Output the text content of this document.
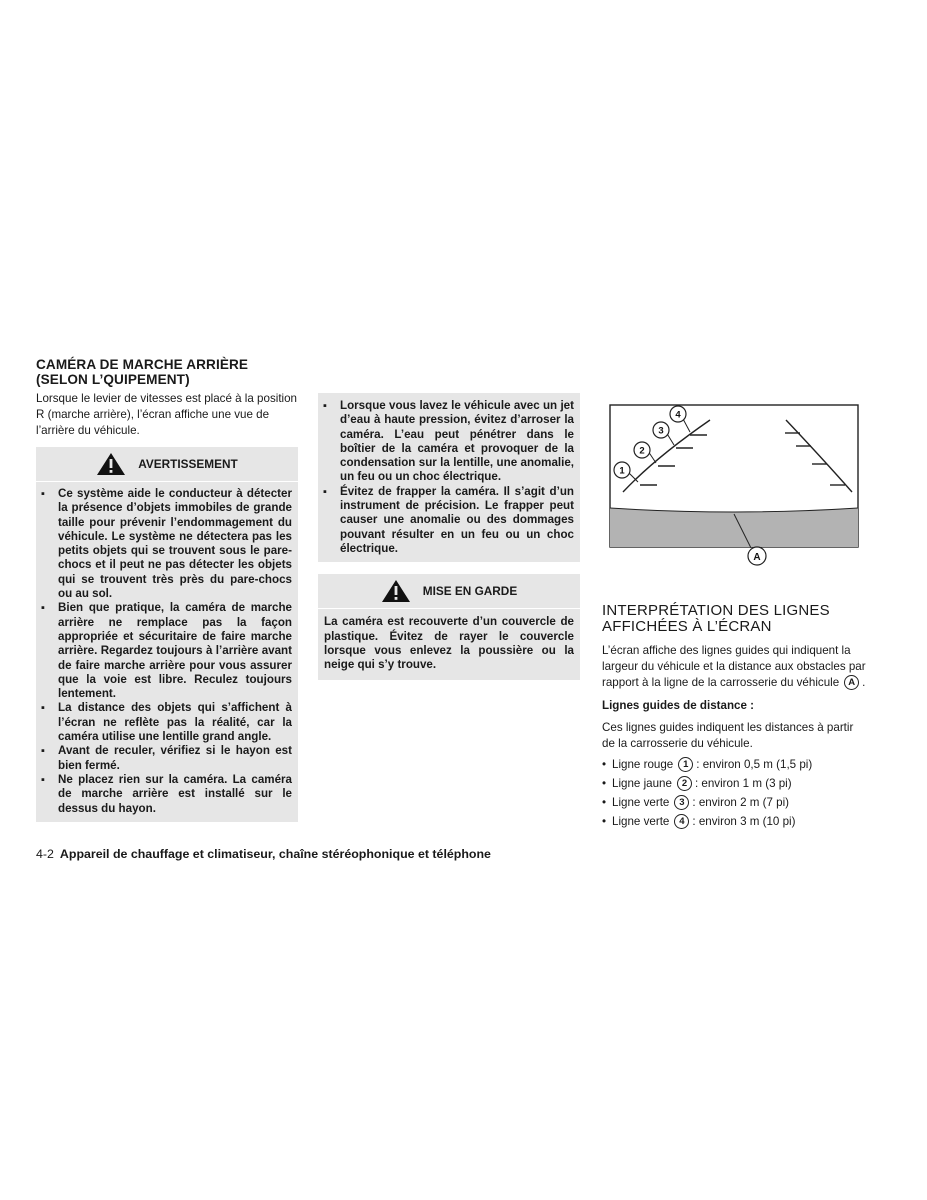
CAMÉRA DE MARCHE ARRIÈRE
(SELON L’QUIPEMENT)
Lorsque le levier de vitesses est placé à la position R (marche arrière), l’écran affiche une vue de l’arrière du véhicule.
AVERTISSEMENT
▪ Ce système aide le conducteur à détecter la présence d’objets immobiles de grande taille pour prévenir l’endommagement du véhicule. Le système ne détectera pas les petits objets qui se trouvent sous le pare-chocs et il peut ne pas détecter les objets qui se trouvent très près du pare-chocs ou au sol.
▪ Bien que pratique, la caméra de marche arrière ne remplace pas la façon appropriée et sécuritaire de faire marche arrière. Regardez toujours à l’arrière avant de faire marche arrière pour vous assurer que la voie est libre. Reculez toujours lentement.
▪ La distance des objets qui s’affichent à l’écran ne reflète pas la réalité, car la caméra utilise une lentille grand angle.
▪ Avant de reculer, vérifiez si le hayon est bien fermé.
▪ Ne placez rien sur la caméra. La caméra de marche arrière est installé sur le dessus du hayon.
▪ Lorsque vous lavez le véhicule avec un jet d’eau à haute pression, évitez d’arroser la caméra. L’eau peut pénétrer dans le boîtier de la caméra et provoquer de la condensation sur la lentille, une anomalie, un feu ou un choc électrique.
▪ Évitez de frapper la caméra. Il s’agit d’un instrument de précision. Le frapper peut causer une anomalie ou des dommages pouvant résulter en un feu ou un choc électrique.
MISE EN GARDE
La caméra est recouverte d’un couvercle de plastique. Évitez de rayer le couvercle lorsque vous enlevez la poussière ou la neige qui s’y trouve.
1
2
3
4
A
INTERPRÉTATION DES LIGNES
AFFICHÉES À L’ÉCRAN
L’écran affiche des lignes guides qui indiquent la largeur du véhicule et la distance aux obstacles par rapport à la ligne de la carrosserie du véhicule A .
Lignes guides de distance :
Ces lignes guides indiquent les distances à partir de la carrosserie du véhicule.
• Ligne rouge 1 : environ 0,5 m (1,5 pi)
• Ligne jaune 2 : environ 1 m (3 pi)
• Ligne verte 3 : environ 2 m (7 pi)
• Ligne verte 4 : environ 3 m (10 pi)
4-2 Appareil de chauffage et climatiseur, chaîne stéréophonique et téléphone
